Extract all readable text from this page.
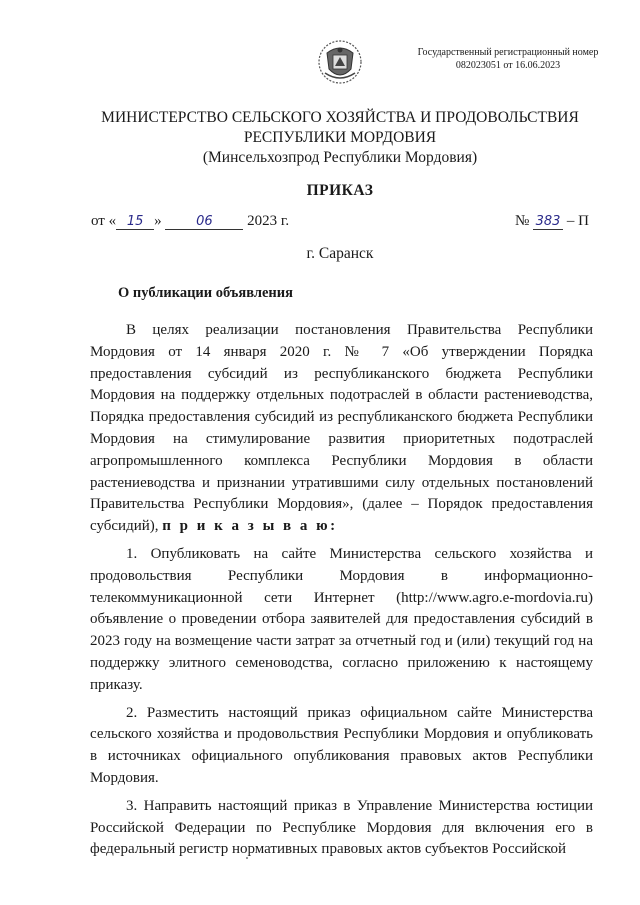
Государственный регистрационный номер
082023051 от 16.06.2023
МИНИСТЕРСТВО СЕЛЬСКОГО ХОЗЯЙСТВА И ПРОДОВОЛЬСТВИЯ
РЕСПУБЛИКИ МОРДОВИЯ
(Минсельхозпрод Республики Мордовия)
ПРИКАЗ
от « 15 »	06 2023 г.	№ 383 – П
г. Саранск
О публикации объявления

В целях реализации постановления Правительства Республики Мордовия от 14 января 2020 г. № 7 «Об утверждении Порядка предоставления субсидий из республиканского бюджета Республики Мордовия на поддержку отдельных подотраслей в области растениеводства, Порядка предоставления субсидий из республиканского бюджета Республики Мордовия на стимулирование развития приоритетных подотраслей агропромышленного комплекса Республики Мордовия в области растениеводства и признании утратившими силу отдельных постановлений Правительства Республики Мордовия», (далее – Порядок предоставления субсидий), п р и к а з ы в а ю:

1. Опубликовать на сайте Министерства сельского хозяйства и продовольствия Республики Мордовия в информационно-телекоммуникационной сети Интернет (http://www.agro.e-mordovia.ru) объявление о проведении отбора заявителей для предоставления субсидий в 2023 году на возмещение части затрат за отчетный год и (или) текущий год на поддержку элитного семеноводства, согласно приложению к настоящему приказу.

2. Разместить настоящий приказ официальном сайте Министерства сельского хозяйства и продовольствия Республики Мордовия и опубликовать в источниках официального опубликования правовых актов Республики Мордовия.

3. Направить настоящий приказ в Управление Министерства юстиции Российской Федерации по Республике Мордовия для включения его в федеральный регистр нормативных правовых актов субъектов Российской
